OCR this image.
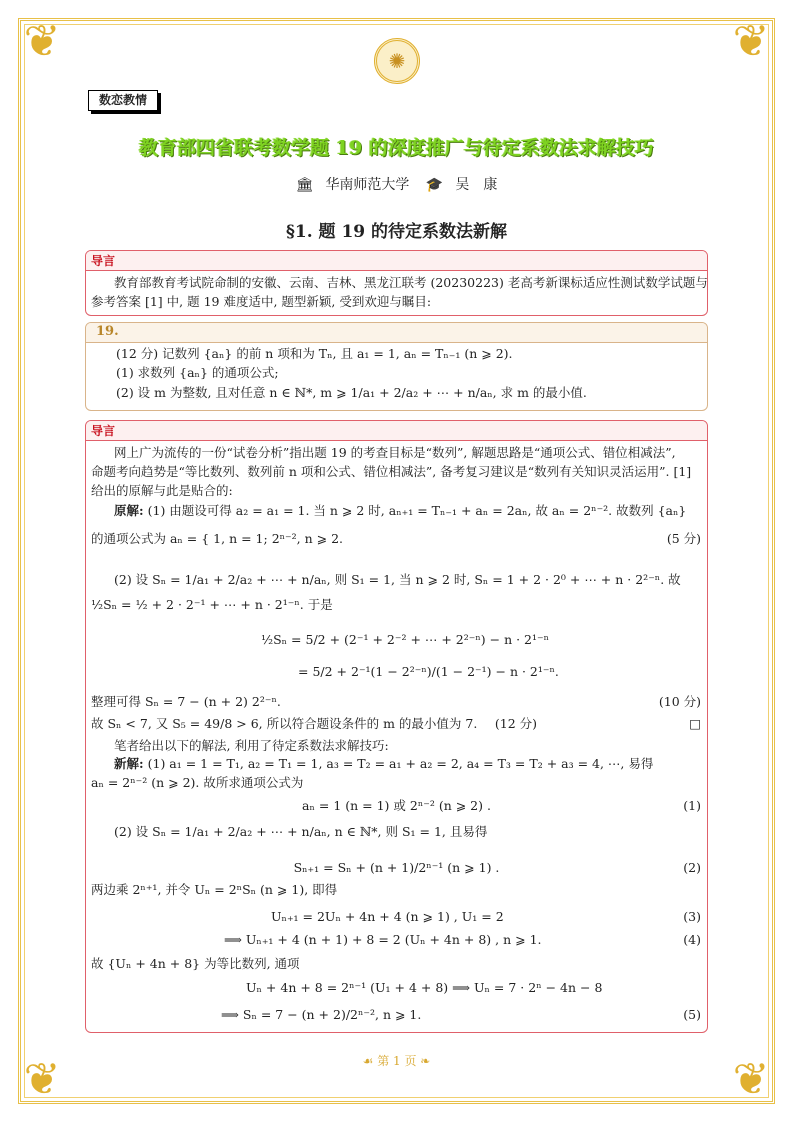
❦	❦
❦	❦
✺
数恋教情
教育部四省联考数学题 19 的深度推广与待定系数法求解技巧
🏛 华南师范大学 🎓 吴　康
§1. 题 19 的待定系数法新解
导言
教育部教育考试院命制的安徽、云南、吉林、黑龙江联考 (20230223) 老高考新课标适应性测试数学试题与
参考答案 [1] 中, 题 19 难度适中, 题型新颖, 受到欢迎与瞩目:
19.
(12 分) 记数列 {aₙ} 的前 n 项和为 Tₙ, 且 a₁ = 1, aₙ = Tₙ₋₁ (n ⩾ 2).
(1) 求数列 {aₙ} 的通项公式;
(2) 设 m 为整数, 且对任意 n ∈ ℕ*, m ⩾ 1/a₁ + 2/a₂ + ⋯ + n/aₙ, 求 m 的最小值.
导言
网上广为流传的一份“试卷分析”指出题 19 的考查目标是“数列”, 解题思路是“通项公式、错位相减法”,
命题考向趋势是“等比数列、数列前 n 项和公式、错位相减法”, 备考复习建议是“数列有关知识灵活运用”. [1]
给出的原解与此是贴合的:
原解: (1) 由题设可得 a₂ = a₁ = 1. 当 n ⩾ 2 时, aₙ₊₁ = Tₙ₋₁ + aₙ = 2aₙ, 故 aₙ = 2ⁿ⁻². 故数列 {aₙ}
的通项公式为 aₙ = { 1, n = 1; 2ⁿ⁻², n ⩾ 2.	(5 分)
(2) 设 Sₙ = 1/a₁ + 2/a₂ + ⋯ + n/aₙ, 则 S₁ = 1, 当 n ⩾ 2 时, Sₙ = 1 + 2 · 2⁰ + ⋯ + n · 2²⁻ⁿ. 故
½Sₙ = ½ + 2 · 2⁻¹ + ⋯ + n · 2¹⁻ⁿ. 于是
½Sₙ = 5/2 + (2⁻¹ + 2⁻² + ⋯ + 2²⁻ⁿ) − n · 2¹⁻ⁿ
= 5/2 + 2⁻¹(1 − 2²⁻ⁿ)/(1 − 2⁻¹) − n · 2¹⁻ⁿ.
整理可得 Sₙ = 7 − (n + 2) 2²⁻ⁿ.	(10 分)
故 Sₙ < 7, 又 S₅ = 49/8 > 6, 所以符合题设条件的 m 的最小值为 7.	(12 分)	□
笔者给出以下的解法, 利用了待定系数法求解技巧:
新解: (1) a₁ = 1 = T₁, a₂ = T₁ = 1, a₃ = T₂ = a₁ + a₂ = 2, a₄ = T₃ = T₂ + a₃ = 4, ⋯, 易得
aₙ = 2ⁿ⁻² (n ⩾ 2). 故所求通项公式为
aₙ = 1 (n = 1) 或 2ⁿ⁻² (n ⩾ 2) .	(1)
(2) 设 Sₙ = 1/a₁ + 2/a₂ + ⋯ + n/aₙ, n ∈ ℕ*, 则 S₁ = 1, 且易得
Sₙ₊₁ = Sₙ + (n + 1)/2ⁿ⁻¹ (n ⩾ 1) .	(2)
两边乘 2ⁿ⁺¹, 并令 Uₙ = 2ⁿSₙ (n ⩾ 1), 即得
Uₙ₊₁ = 2Uₙ + 4n + 4 (n ⩾ 1) , U₁ = 2	(3)
⟹ Uₙ₊₁ + 4 (n + 1) + 8 = 2 (Uₙ + 4n + 8) , n ⩾ 1.	(4)
故 {Uₙ + 4n + 8} 为等比数列, 通项
Uₙ + 4n + 8 = 2ⁿ⁻¹ (U₁ + 4 + 8) ⟹ Uₙ = 7 · 2ⁿ − 4n − 8
⟹ Sₙ = 7 − (n + 2)/2ⁿ⁻², n ⩾ 1.	(5)
☙ 第 1 页 ❧
